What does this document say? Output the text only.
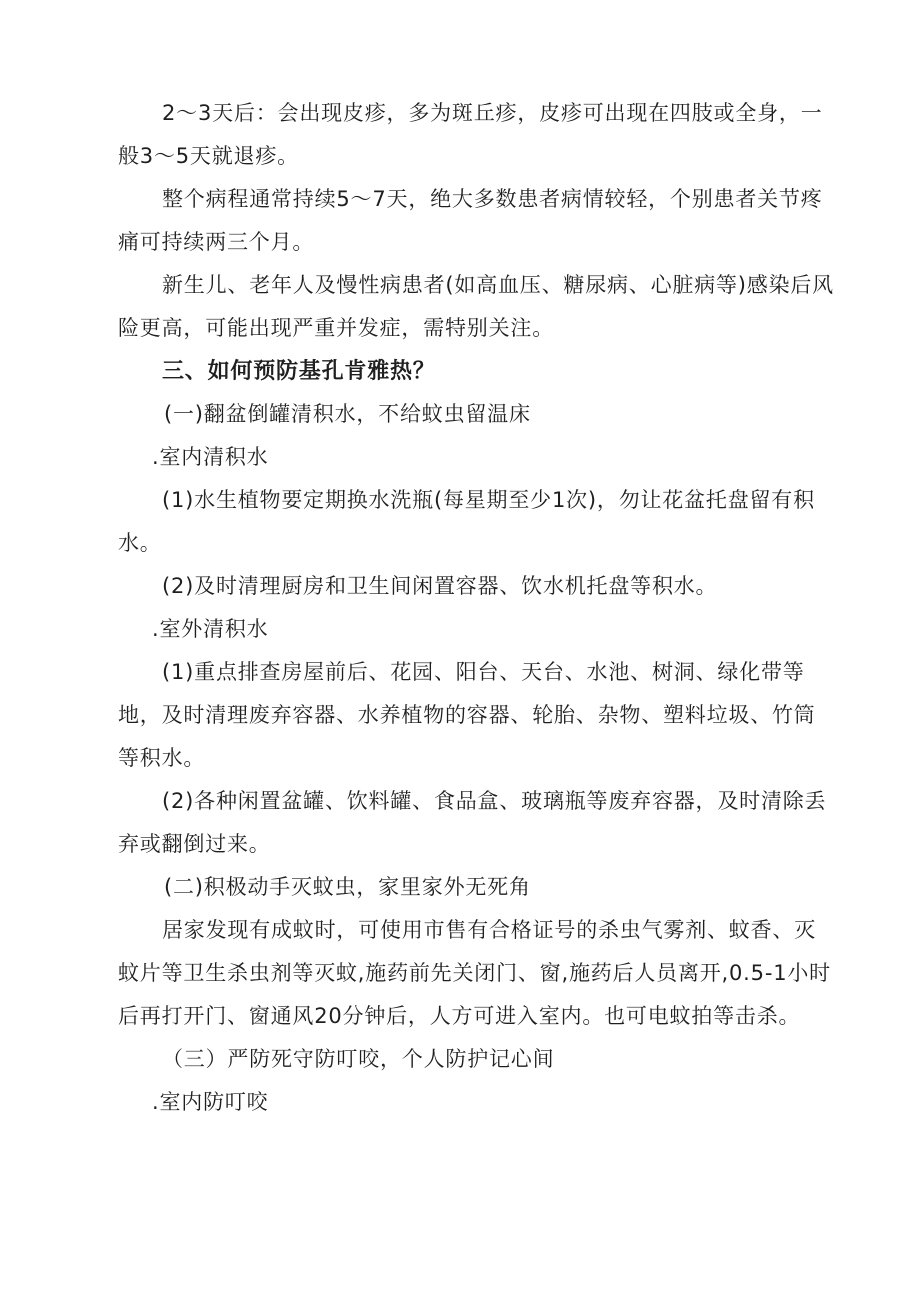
2～3天后：会出现皮疹，多为斑丘疹，皮疹可出现在四肢或全身，一般3～5天就退疹。

整个病程通常持续5～7天，绝大多数患者病情较轻，个别患者关节疼痛可持续两三个月。

新生儿、老年人及慢性病患者(如高血压、糖尿病、心脏病等)感染后风险更高，可能出现严重并发症，需特别关注。

三、如何预防基孔肯雅热？

(一)翻盆倒罐清积水，不给蚊虫留温床

.室内清积水

(1)水生植物要定期换水洗瓶(每星期至少1次)，勿让花盆托盘留有积水。

(2)及时清理厨房和卫生间闲置容器、饮水机托盘等积水。

.室外清积水

(1)重点排查房屋前后、花园、阳台、天台、水池、树洞、绿化带等地，及时清理废弃容器、水养植物的容器、轮胎、杂物、塑料垃圾、竹筒等积水。

(2)各种闲置盆罐、饮料罐、食品盒、玻璃瓶等废弃容器，及时清除丢弃或翻倒过来。

(二)积极动手灭蚊虫，家里家外无死角

居家发现有成蚊时，可使用市售有合格证号的杀虫气雾剂、蚊香、灭蚊片等卫生杀虫剂等灭蚊,施药前先关闭门、窗,施药后人员离开,0.5-1小时后再打开门、窗通风20分钟后，人方可进入室内。也可电蚊拍等击杀。

（三）严防死守防叮咬，个人防护记心间

.室内防叮咬
